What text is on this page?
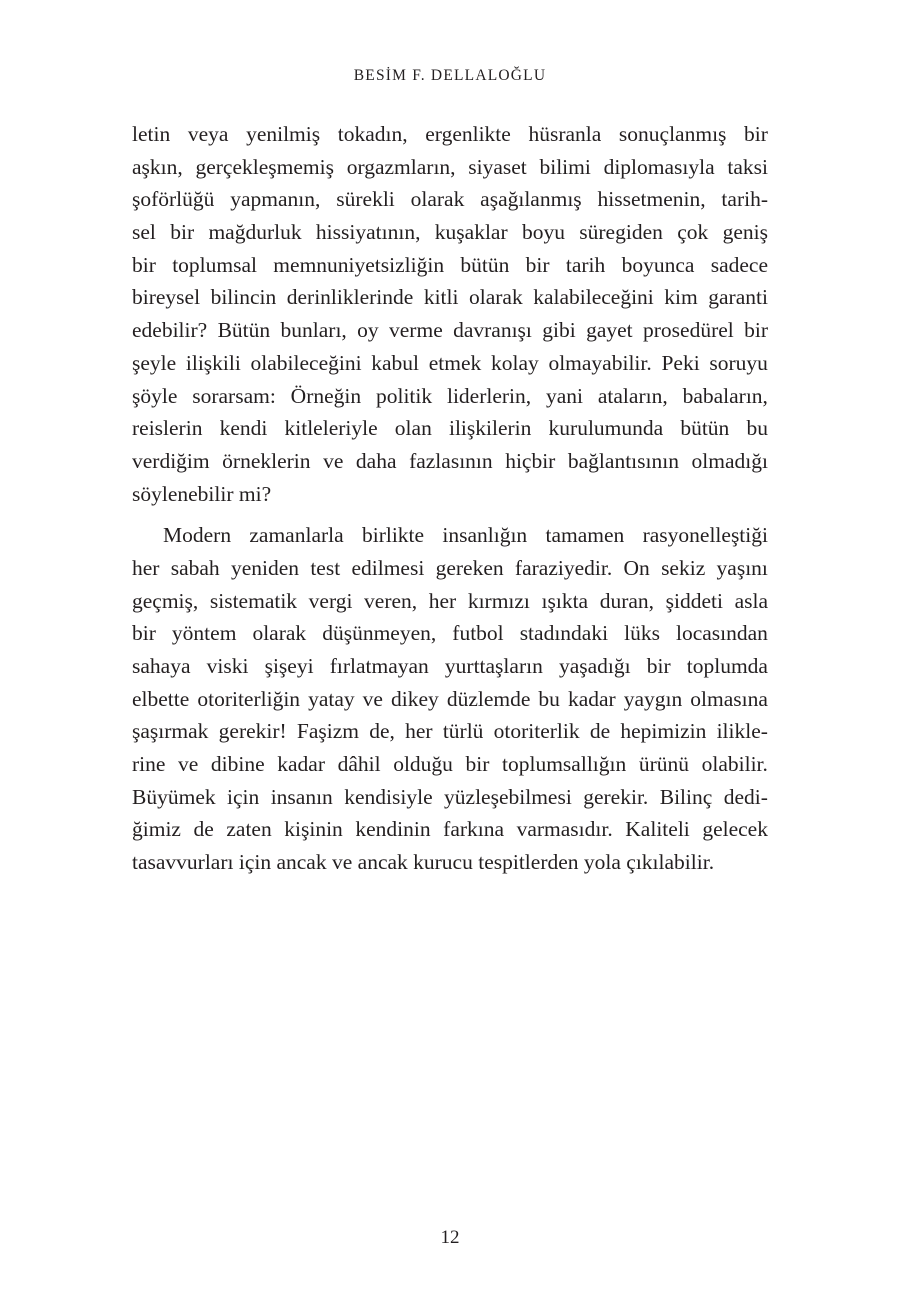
BESİM F. DELLALOĞLU
letin veya yenilmiş tokadın, ergenlikte hüsranla sonuçlanmış bir
aşkın, gerçekleşmemiş orgazmların, siyaset bilimi diplomasıyla taksi
şoförlüğü yapmanın, sürekli olarak aşağılanmış hissetmenin, tarih-
sel bir mağdurluk hissiyatının, kuşaklar boyu süregiden çok geniş
bir toplumsal memnuniyetsizliğin bütün bir tarih boyunca sadece
bireysel bilincin derinliklerinde kitli olarak kalabileceğini kim garanti
edebilir? Bütün bunları, oy verme davranışı gibi gayet prosedürel bir
şeyle ilişkili olabileceğini kabul etmek kolay olmayabilir. Peki soruyu
şöyle sorarsam: Örneğin politik liderlerin, yani ataların, babaların,
reislerin kendi kitleleriyle olan ilişkilerin kurulumunda bütün bu
verdiğim örneklerin ve daha fazlasının hiçbir bağlantısının olmadığı
söylenebilir mi?
Modern zamanlarla birlikte insanlığın tamamen rasyonelleştiği
her sabah yeniden test edilmesi gereken faraziyedir. On sekiz yaşını
geçmiş, sistematik vergi veren, her kırmızı ışıkta duran, şiddeti asla
bir yöntem olarak düşünmeyen, futbol stadındaki lüks locasından
sahaya viski şişeyi fırlatmayan yurttaşların yaşadığı bir toplumda
elbette otoriterliğin yatay ve dikey düzlemde bu kadar yaygın olmasına
şaşırmak gerekir! Faşizm de, her türlü otoriterlik de hepimizin ilikle-
rine ve dibine kadar dâhil olduğu bir toplumsallığın ürünü olabilir.
Büyümek için insanın kendisiyle yüzleşebilmesi gerekir. Bilinç dedi-
ğimiz de zaten kişinin kendinin farkına varmasıdır. Kaliteli gelecek
tasavvurları için ancak ve ancak kurucu tespitlerden yola çıkılabilir.
12
